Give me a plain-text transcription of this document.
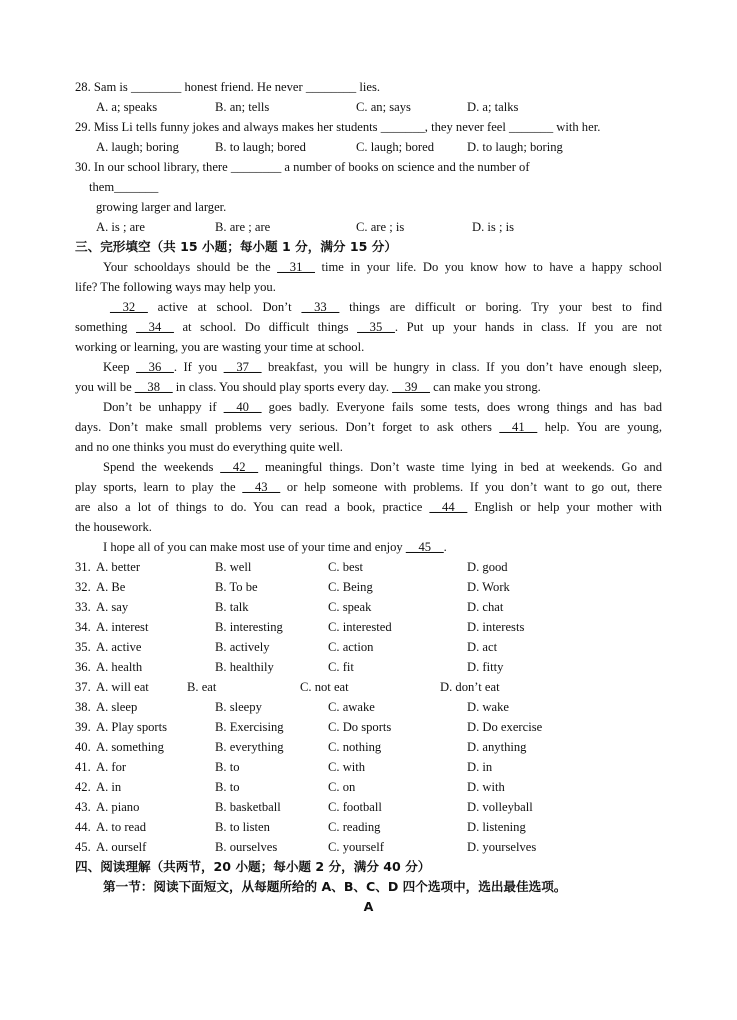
28. Sam is ________ honest friend. He never ________ lies.
A. a; speaks	B. an; tells	C. an; says	D. a; talks
29. Miss Li tells funny jokes and always makes her students _______, they never feel _______ with her.
A. laugh; boring	B. to laugh; bored	C. laugh; bored	D. to laugh; boring
30. In our school library, there ________ a number of books on science and the number of
them_______
growing larger and larger.
A. is ; are	B. are ; are	C. are ; is	D. is ; is
三、完形填空（共 15 小题；每小题 1 分，满分 15 分）
Your schooldays should be the __31__ time in your life. Do you know how to have a happy school
life? The following ways may help you.
__32__ active at school. Don’t __33__ things are difficult or boring. Try your best to find
something __34__ at school. Do difficult things __35__. Put up your hands in class. If you are not
working or learning, you are wasting your time at school.
Keep __36__. If you __37__ breakfast, you will be hungry in class. If you don’t have enough sleep,
you will be __38__ in class. You should play sports every day. __39__ can make you strong.
Don’t be unhappy if __40__ goes badly. Everyone fails some tests, does wrong things and has bad
days. Don’t make small problems very serious. Don’t forget to ask others __41__ help. You are young,
and no one thinks you must do everything quite well.
Spend the weekends __42__ meaningful things. Don’t waste time lying in bed at weekends. Go and
play sports, learn to play the __43__ or help someone with problems. If you don’t want to go out, there
are also a lot of things to do. You can read a book, practice __44__ English or help your mother with
the housework.
I hope all of you can make most use of your time and enjoy __45__.
31. A. better	B. well	C. best	D. good
32. A. Be	B. To be	C. Being	D. Work
33. A. say	B. talk	C. speak	D. chat
34. A. interest	B. interesting	C. interested	D. interests
35. A. active	B. actively	C. action	D. act
36. A. health	B. healthily	C. fit	D. fitty
37. A. will eat	B. eat	C. not eat	D. don’t eat
38. A. sleep	B. sleepy	C. awake	D. wake
39. A. Play sports	B. Exercising	C. Do sports	D. Do exercise
40. A. something	B. everything	C. nothing	D. anything
41. A. for	B. to	C. with	D. in
42. A. in	B. to	C. on	D. with
43. A. piano	B. basketball	C. football	D. volleyball
44. A. to read	B. to listen	C. reading	D. listening
45. A. ourself	B. ourselves	C. yourself	D. yourselves
四、阅读理解（共两节，20 小题；每小题 2 分，满分 40 分）
第一节：阅读下面短文，从每题所给的 A、B、C、D 四个选项中，选出最佳选项。
A
